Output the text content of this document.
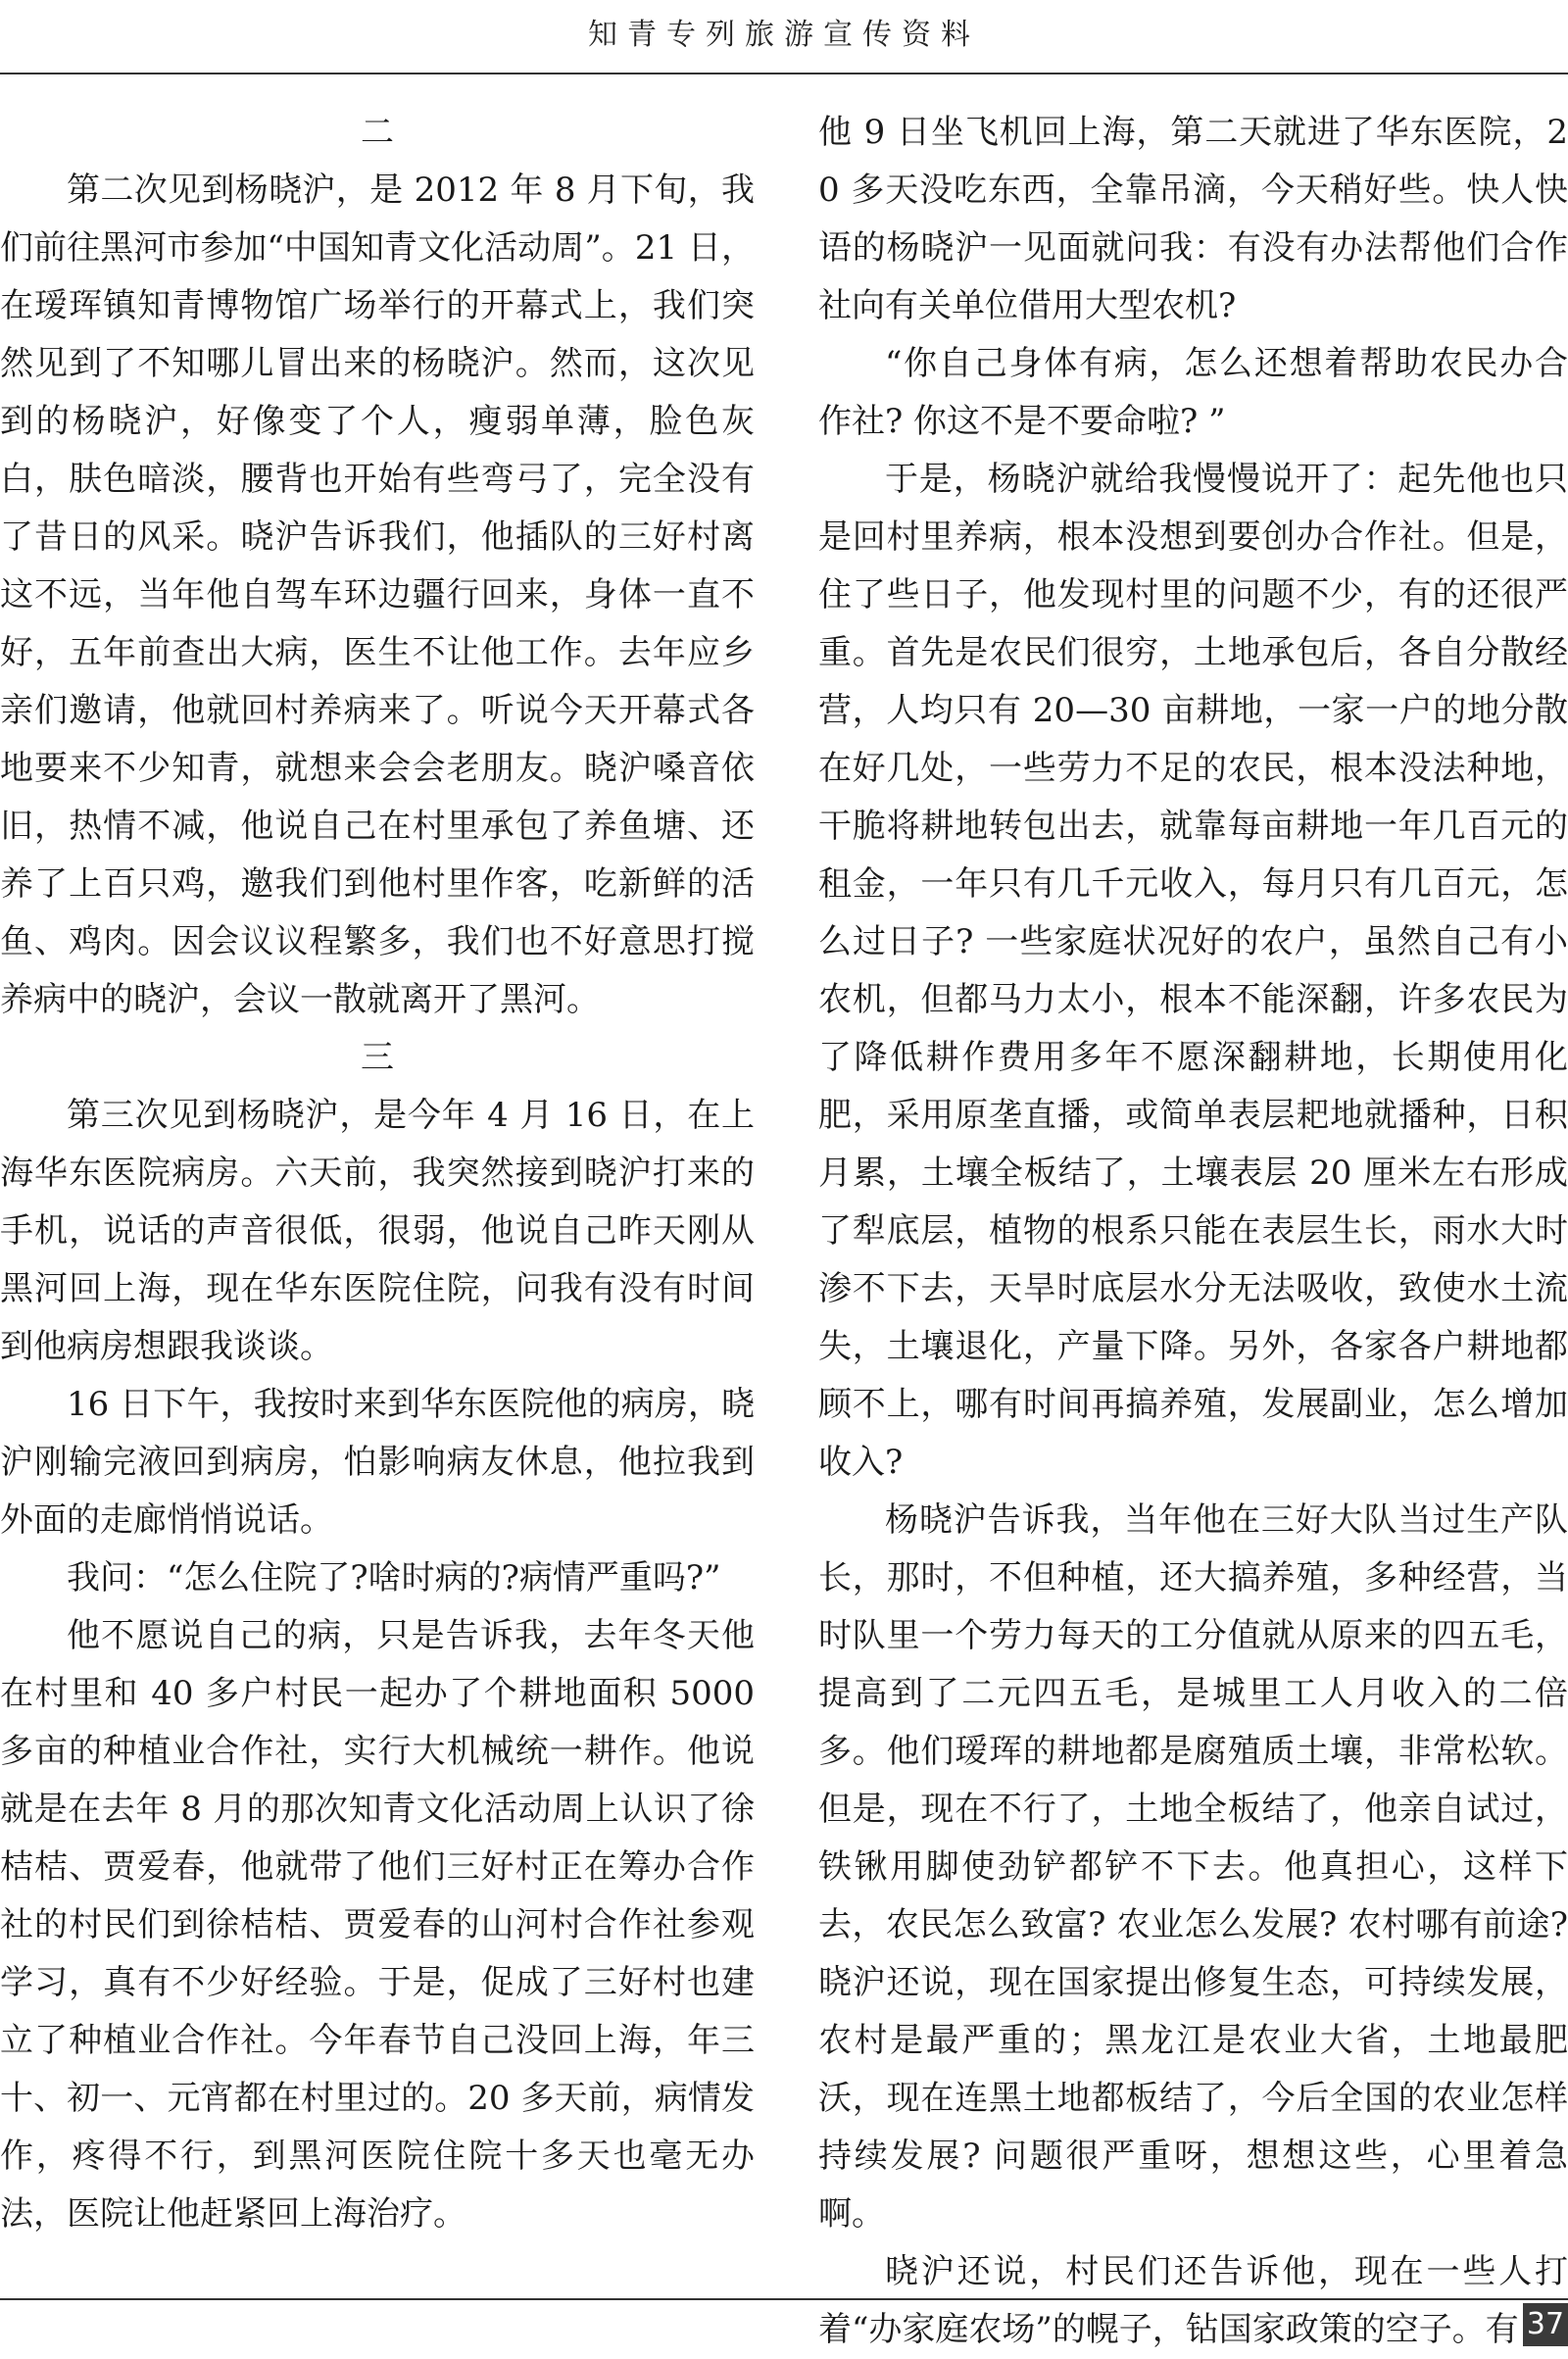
知青专列旅游宣传资料
二

第二次见到杨晓沪，是 2012 年 8 月下旬，我们前往黑河市参加“中国知青文化活动周”。21 日，在瑷珲镇知青博物馆广场举行的开幕式上，我们突然见到了不知哪儿冒出来的杨晓沪。然而，这次见到的杨晓沪，好像变了个人，瘦弱单薄，脸色灰白，肤色暗淡，腰背也开始有些弯弓了，完全没有了昔日的风采。晓沪告诉我们，他插队的三好村离这不远，当年他自驾车环边疆行回来，身体一直不好，五年前查出大病，医生不让他工作。去年应乡亲们邀请，他就回村养病来了。听说今天开幕式各地要来不少知青，就想来会会老朋友。晓沪嗓音依旧，热情不减，他说自己在村里承包了养鱼塘、还养了上百只鸡，邀我们到他村里作客，吃新鲜的活鱼、鸡肉。因会议议程繁多，我们也不好意思打搅养病中的晓沪，会议一散就离开了黑河。

三

第三次见到杨晓沪，是今年 4 月 16 日，在上海华东医院病房。六天前，我突然接到晓沪打来的手机，说话的声音很低，很弱，他说自己昨天刚从黑河回上海，现在华东医院住院，问我有没有时间到他病房想跟我谈谈。

16 日下午，我按时来到华东医院他的病房，晓沪刚输完液回到病房，怕影响病友休息，他拉我到外面的走廊悄悄说话。

我问：“怎么住院了?啥时病的?病情严重吗?”

他不愿说自己的病，只是告诉我，去年冬天他在村里和 40 多户村民一起办了个耕地面积 5000 多亩的种植业合作社，实行大机械统一耕作。他说就是在去年 8 月的那次知青文化活动周上认识了徐桔桔、贾爱春，他就带了他们三好村正在筹办合作社的村民们到徐桔桔、贾爱春的山河村合作社参观学习，真有不少好经验。于是，促成了三好村也建立了种植业合作社。今年春节自己没回上海，年三十、初一、元宵都在村里过的。20 多天前，病情发作，疼得不行，到黑河医院住院十多天也毫无办法，医院让他赶紧回上海治疗。

他 9 日坐飞机回上海，第二天就进了华东医院，20 多天没吃东西，全靠吊滴，今天稍好些。快人快语的杨晓沪一见面就问我：有没有办法帮他们合作社向有关单位借用大型农机?

“你自己身体有病，怎么还想着帮助农民办合作社? 你这不是不要命啦? ”

于是，杨晓沪就给我慢慢说开了：起先他也只是回村里养病，根本没想到要创办合作社。但是，住了些日子，他发现村里的问题不少，有的还很严重。首先是农民们很穷，土地承包后，各自分散经营，人均只有 20—30 亩耕地，一家一户的地分散在好几处，一些劳力不足的农民，根本没法种地，干脆将耕地转包出去，就靠每亩耕地一年几百元的租金，一年只有几千元收入，每月只有几百元，怎么过日子? 一些家庭状况好的农户，虽然自己有小农机，但都马力太小，根本不能深翻，许多农民为了降低耕作费用多年不愿深翻耕地，长期使用化肥，采用原垄直播，或简单表层耙地就播种，日积月累，土壤全板结了，土壤表层 20 厘米左右形成了犁底层，植物的根系只能在表层生长，雨水大时渗不下去，天旱时底层水分无法吸收，致使水土流失，土壤退化，产量下降。另外，各家各户耕地都顾不上，哪有时间再搞养殖，发展副业，怎么增加收入?

杨晓沪告诉我，当年他在三好大队当过生产队长，那时，不但种植，还大搞养殖，多种经营，当时队里一个劳力每天的工分值就从原来的四五毛，提高到了二元四五毛，是城里工人月收入的二倍多。他们瑷珲的耕地都是腐殖质土壤，非常松软。但是，现在不行了，土地全板结了，他亲自试过，铁锹用脚使劲铲都铲不下去。他真担心，这样下去，农民怎么致富? 农业怎么发展? 农村哪有前途? 晓沪还说，现在国家提出修复生态，可持续发展，农村是最严重的；黑龙江是农业大省，土地最肥沃，现在连黑土地都板结了，今后全国的农业怎样持续发展? 问题很严重呀，想想这些，心里着急啊。

晓沪还说，村民们还告诉他，现在一些人打着“办家庭农场”的幌子，钻国家政策的空子。有 37
